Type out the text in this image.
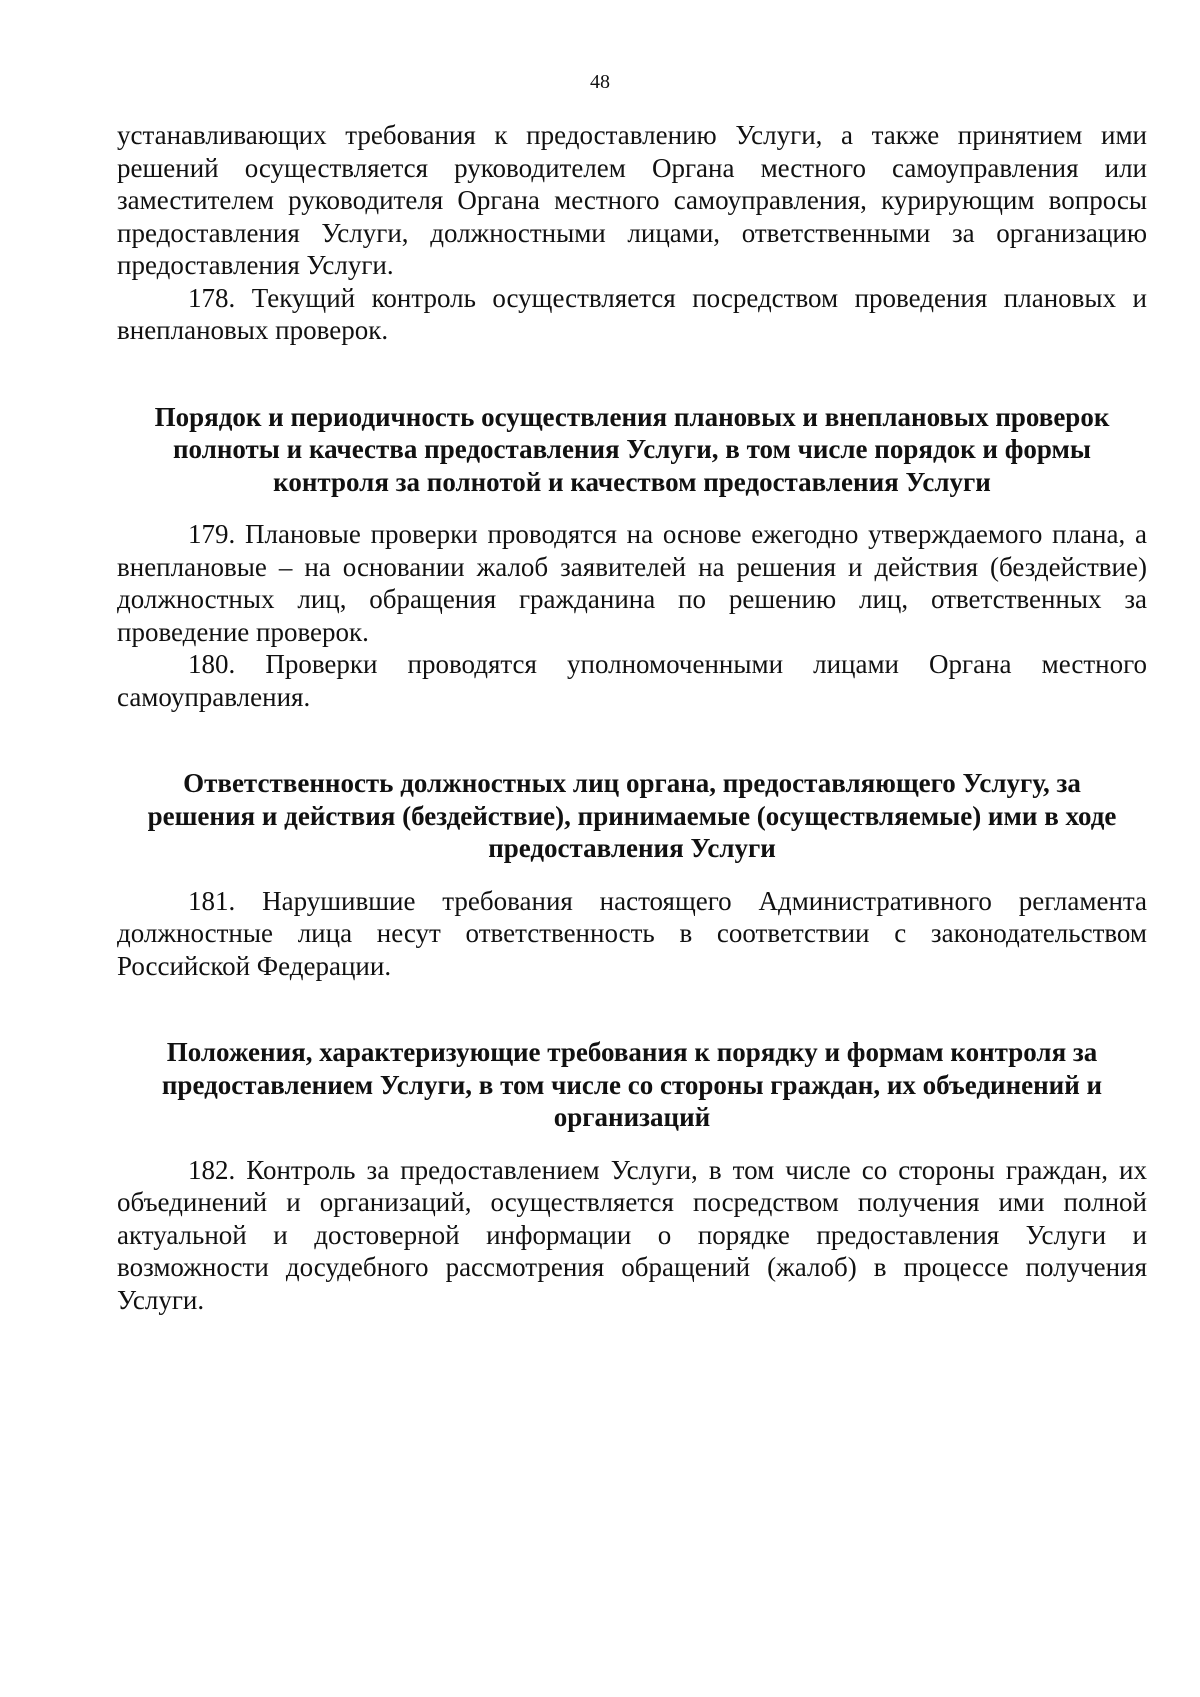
48

устанавливающих требования к предоставлению Услуги, а также принятием ими решений осуществляется руководителем Органа местного самоуправления или заместителем руководителя Органа местного самоуправления, курирующим вопросы предоставления Услуги, должностными лицами, ответственными за организацию предоставления Услуги.

178. Текущий контроль осуществляется посредством проведения плановых и внеплановых проверок.

Порядок и периодичность осуществления плановых и внеплановых проверок полноты и качества предоставления Услуги, в том числе порядок и формы контроля за полнотой и качеством предоставления Услуги

179. Плановые проверки проводятся на основе ежегодно утверждаемого плана, а внеплановые – на основании жалоб заявителей на решения и действия (бездействие) должностных лиц, обращения гражданина по решению лиц, ответственных за проведение проверок.

180. Проверки проводятся уполномоченными лицами Органа местного самоуправления.

Ответственность должностных лиц органа, предоставляющего Услугу, за решения и действия (бездействие), принимаемые (осуществляемые) ими в ходе предоставления Услуги

181. Нарушившие требования настоящего Административного регламента должностные лица несут ответственность в соответствии с законодательством Российской Федерации.

Положения, характеризующие требования к порядку и формам контроля за предоставлением Услуги, в том числе со стороны граждан, их объединений и организаций

182. Контроль за предоставлением Услуги, в том числе со стороны граждан, их объединений и организаций, осуществляется посредством получения ими полной актуальной и достоверной информации о порядке предоставления Услуги и возможности досудебного рассмотрения обращений (жалоб) в процессе получения Услуги.
